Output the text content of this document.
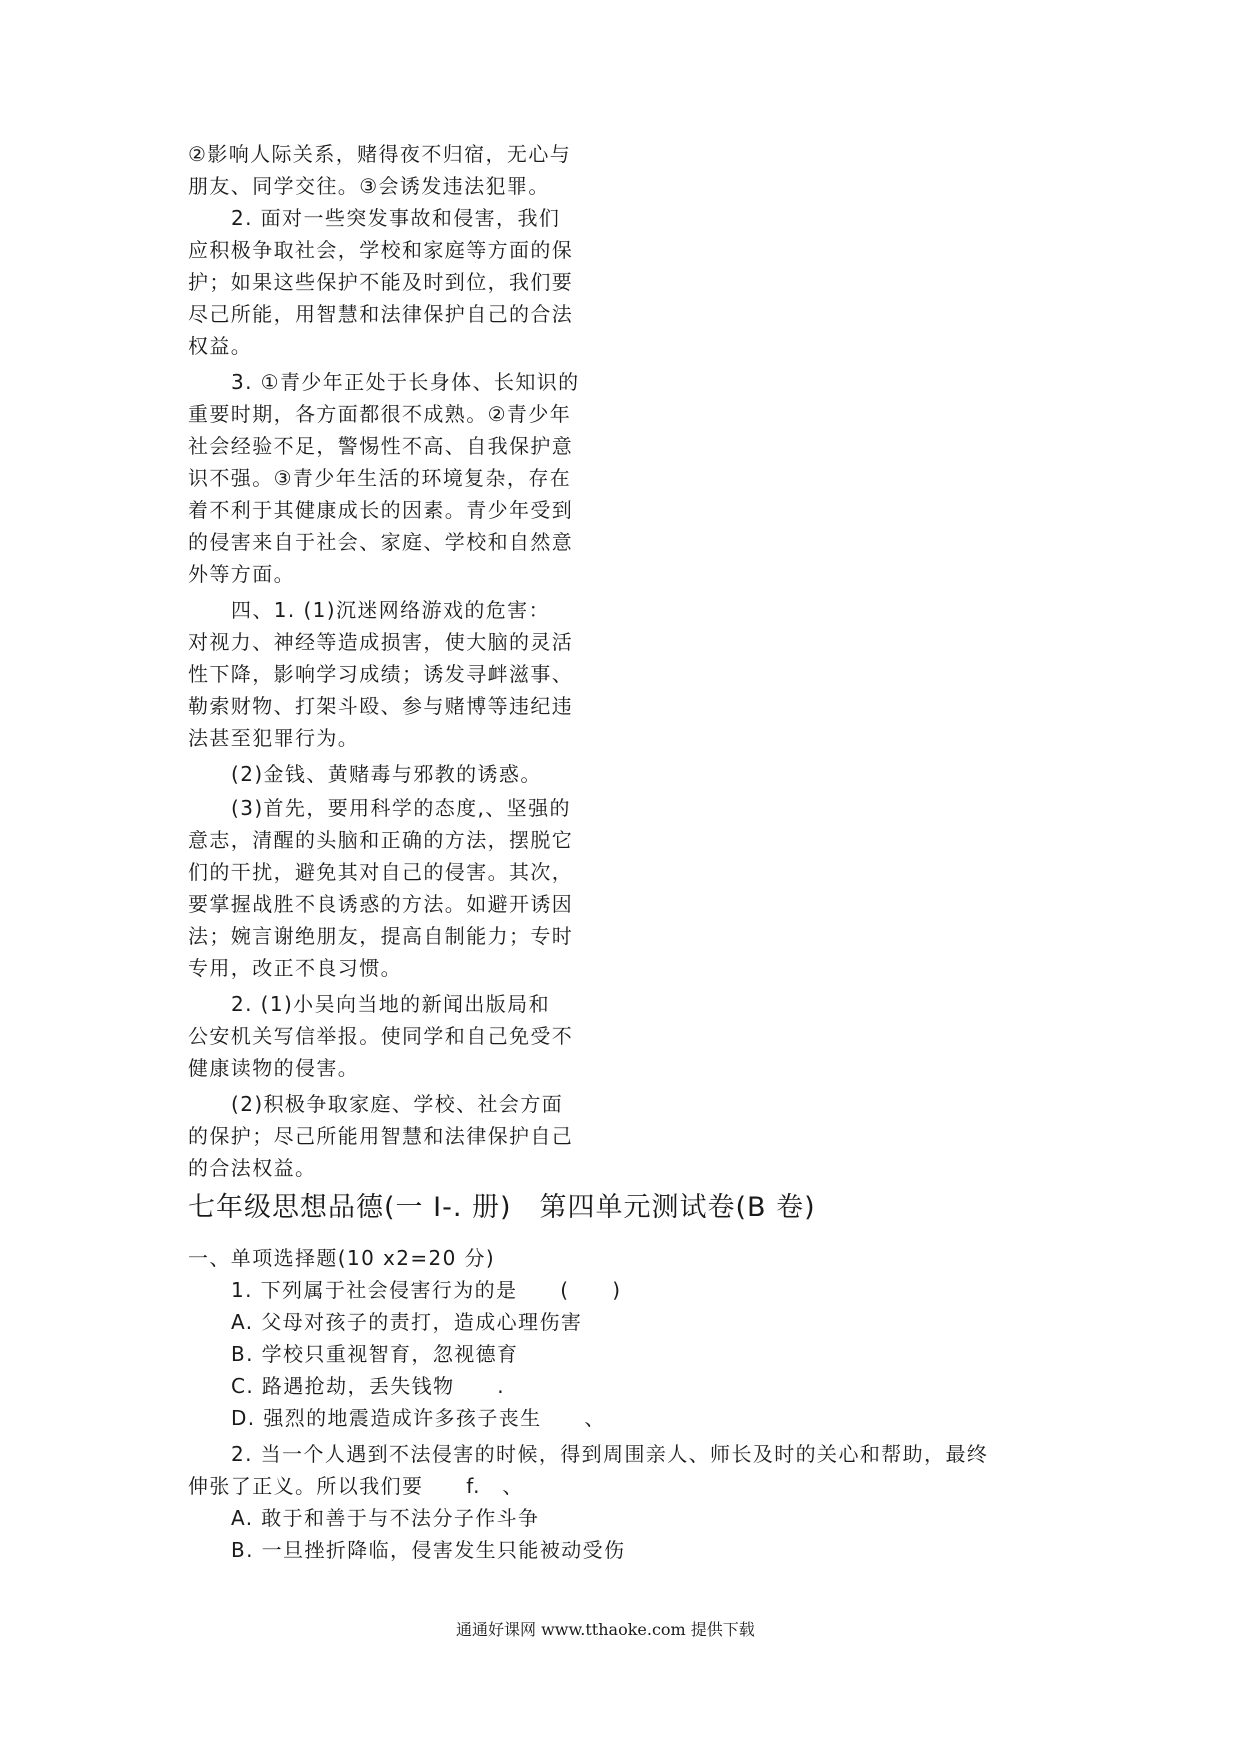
②影响人际关系，赌得夜不归宿，无心与
朋友、同学交往。③会诱发违法犯罪。
2. 面对一些突发事故和侵害，我们
应积极争取社会，学校和家庭等方面的保
护；如果这些保护不能及时到位，我们要
尽己所能，用智慧和法律保护自己的合法
权益。
3. ①青少年正处于长身体、长知识的
重要时期，各方面都很不成熟。②青少年
社会经验不足，警惕性不高、自我保护意
识不强。③青少年生活的环境复杂，存在
着不利于其健康成长的因素。青少年受到
的侵害来自于社会、家庭、学校和自然意
外等方面。
四、1. (1)沉迷网络游戏的危害：
对视力、神经等造成损害，使大脑的灵活
性下降，影响学习成绩；诱发寻衅滋事、
勒索财物、打架斗殴、参与赌博等违纪违
法甚至犯罪行为。
(2)金钱、黄赌毒与邪教的诱惑。
(3)首先，要用科学的态度,、坚强的
意志，清醒的头脑和正确的方法，摆脱它
们的干扰，避免其对自己的侵害。其次，
要掌握战胜不良诱惑的方法。如避开诱因
法；婉言谢绝朋友，提高自制能力；专时
专用，改正不良习惯。
2. (1)小吴向当地的新闻出版局和
公安机关写信举报。使同学和自己免受不
健康读物的侵害。
(2)积极争取家庭、学校、社会方面
的保护；尽己所能用智慧和法律保护自己
的合法权益。
七年级思想品德(一 I-. 册)　第四单元测试卷(B 卷)
一、单项选择题(10 x2=20 分)
1. 下列属于社会侵害行为的是　　(　　)
A. 父母对孩子的责打，造成心理伤害
B. 学校只重视智育，忽视德育
C. 路遇抢劫，丢失钱物　　.
D. 强烈的地震造成许多孩子丧生　　、
2. 当一个人遇到不法侵害的时候，得到周围亲人、师长及时的关心和帮助，最终
伸张了正义。所以我们要　　f.　、
A. 敢于和善于与不法分子作斗争
B. 一旦挫折降临，侵害发生只能被动受伤
通通好课网 www.tthaoke.com 提供下载
